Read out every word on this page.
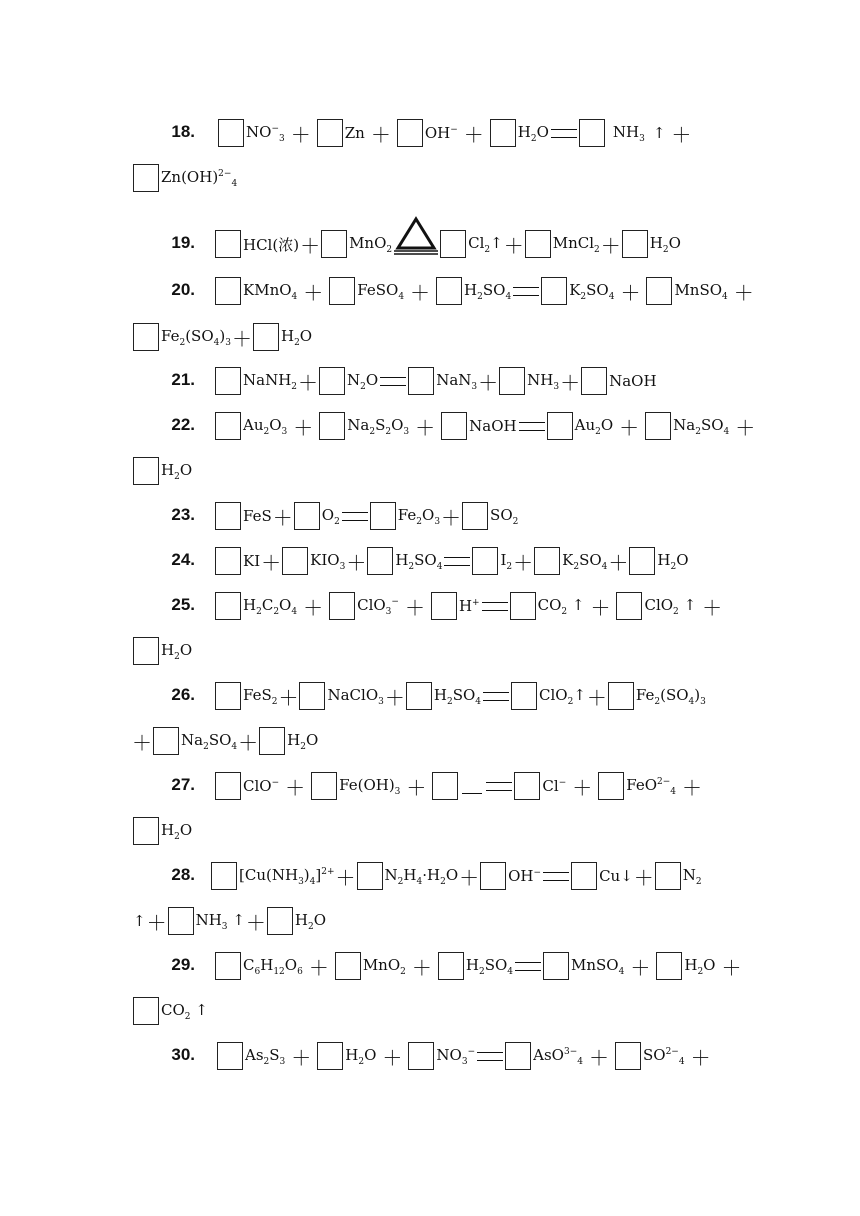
18.	$NO^-_3 + Zn + OH^- + H_2O$	$NH_3$ ↑ ＋
Zn(OH)$^{2-}_4$
19.	HCl(浓) ＋ MnO$_2$	$Cl_2↑$ ＋ MnCl$_2$ ＋ $H_2O$
20.	KMnO$_4$ ＋ FeSO$_4$ ＋ $H_2SO_4$	$K_2SO_4$ ＋ MnSO$_4$ ＋
$Fe_2(SO_4)_3 + H_2O$
21.	NaNH$_2$ ＋ $N_2O$	$NaN_3 + NH_3$ ＋ NaOH
22.	$Au_2O_3 + Na_2S_2O_3$ ＋ NaOH	$Au_2O + Na_2SO_4$ ＋
$H_2O$
23.	FeS ＋ $O_2$	$Fe_2O_3 + SO_2$
24.	KI ＋ $KIO_3 + H_2SO_4$	$I_2 + K_2SO_4 + H_2O$
25.	$H_2C_2O_4 + ClO_3^- + H^+$	$CO_2$ ↑ ＋ ClO$_2$ ↑ ＋
$H_2O$
26.	FeS$_2$ ＋ NaClO$_3$ ＋ $H_2SO_4$	ClO$_2$↑ ＋ $Fe_2(SO_4)_3$
＋ $Na_2SO_4 + H_2O$
27.	$ClO^- + Fe(OH)_3$ ＋	Cl− ＋ FeO$^{2-}_4$ ＋
$H_2O$
28.	$[Cu(NH_3)_4]^{2+} + N_2H_4\cdot H_2O + OH^-$	Cu↓ ＋ $N_2$
↑ ＋ $NH_3$ ↑ ＋ $H_2O$
29.	$C_6H_{12}O_6 + MnO_2 + H_2SO_4$	MnSO$_4$ ＋ $H_2O$ ＋
$CO_2$ ↑
30.	$As_2S_3 + H_2O + NO_3^-$	$AsO^{3-}_4 + SO^{2-}_4$ ＋
